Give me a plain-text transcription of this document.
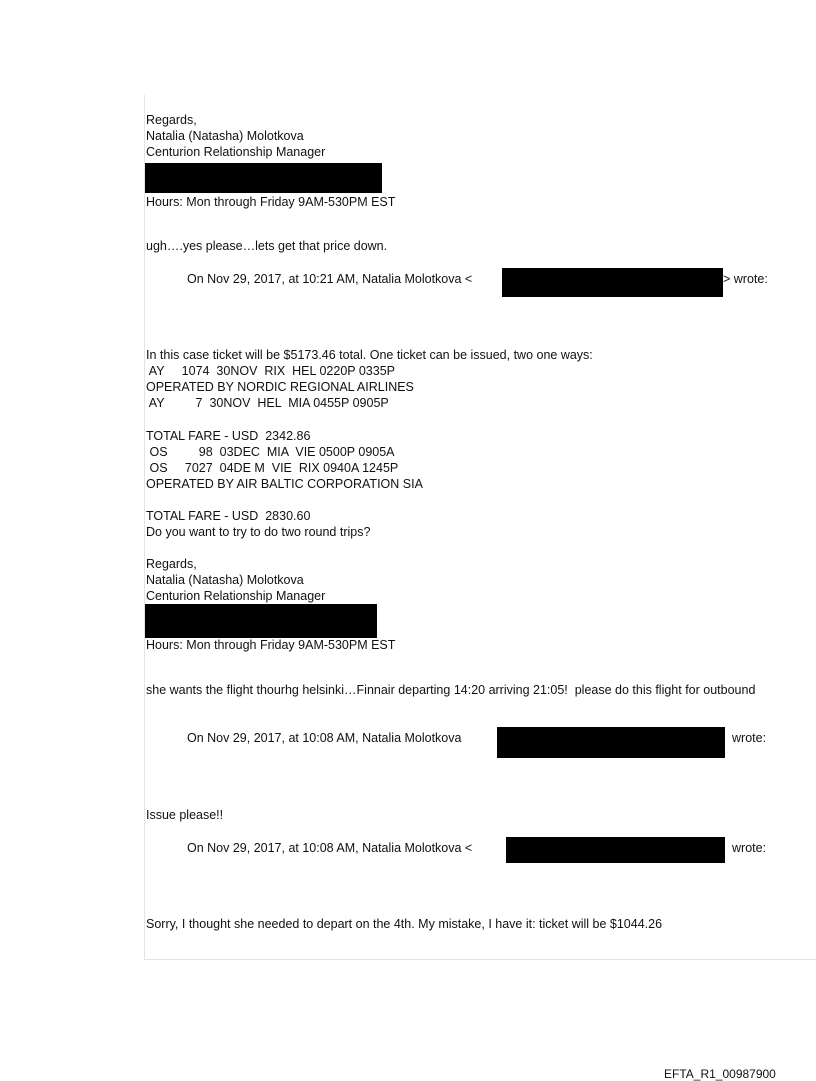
Regards,
Natalia (Natasha) Molotkova
Centurion Relationship Manager

Hours: Mon through Friday 9AM-530PM EST

ugh….yes please…lets get that price down.

On Nov 29, 2017, at 10:21 AM, Natalia Molotkova <	> wrote:

In this case ticket will be $5173.46 total. One ticket can be issued, two one ways:

AY     1074  30NOV  RIX  HEL 0220P 0335P
OPERATED BY NORDIC REGIONAL AIRLINES
AY         7  30NOV  HEL  MIA 0455P 0905P

TOTAL FARE - USD  2342.86

OS         98  03DEC  MIA  VIE 0500P 0905A
OS     7027  04DE M  VIE  RIX 0940A 1245P
OPERATED BY AIR BALTIC CORPORATION SIA

TOTAL FARE - USD  2830.60

Do you want to try to do two round trips?

Regards,
Natalia (Natasha) Molotkova
Centurion Relationship Manager

Hours: Mon through Friday 9AM-530PM EST

she wants the flight thourhg helsinki…Finnair departing 14:20 arriving 21:05!  please do this flight for outbound

On Nov 29, 2017, at 10:08 AM, Natalia Molotkova	wrote:

Issue please!!

On Nov 29, 2017, at 10:08 AM, Natalia Molotkova <	wrote:

Sorry, I thought she needed to depart on the 4th. My mistake, I have it: ticket will be $1044.26

EFTA_R1_00987900
